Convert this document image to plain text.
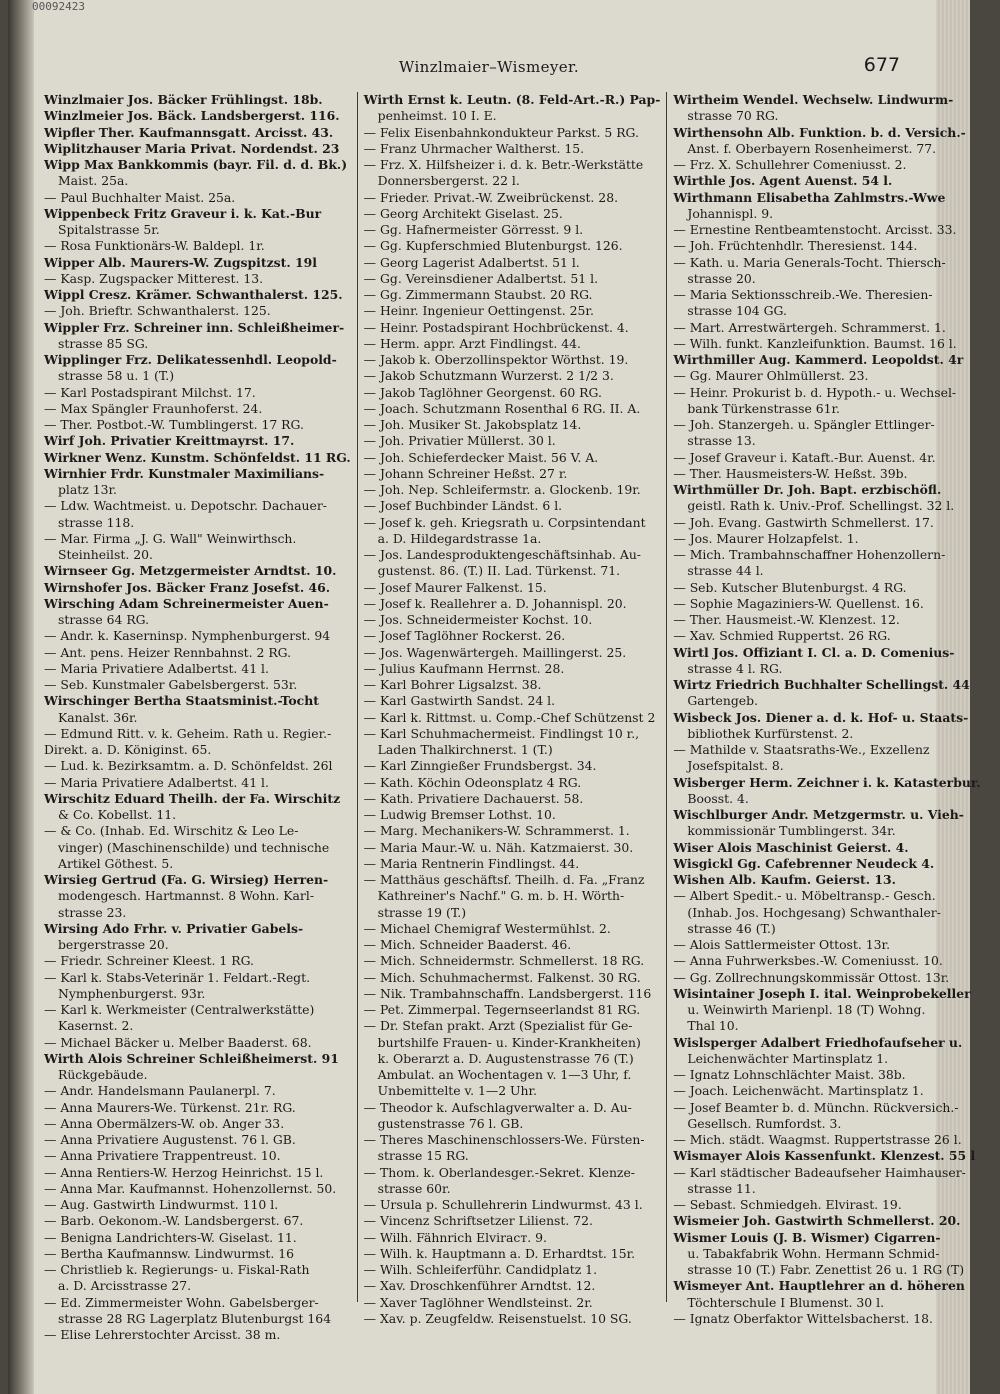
00092423
Winzlmaier–Wismeyer.	677
Winzlmaier Jos. Bäcker Frühlingst. 18b.
Winzlmeier Jos. Bäck. Landsbergerst. 116.
Wipfler Ther. Kaufmannsgatt. Arcisst. 43.
Wiplitzhauser Maria Privat. Nordendst. 23
Wipp Max Bankkommis (bayr. Fil. d. d. Bk.)
Maist. 25a.
— Paul Buchhalter Maist. 25a.
Wippenbeck Fritz Graveur i. k. Kat.-Bur
Spitalstrasse 5r.
— Rosa Funktionärs-W. Baldepl. 1r.
Wipper Alb. Maurers-W. Zugspitzst. 19l
— Kasp. Zugspacker Mitterest. 13.
Wippl Cresz. Krämer. Schwanthalerst. 125.
— Joh. Brieftr. Schwanthalerst. 125.
Wippler Frz. Schreiner inn. Schleißheimer-
strasse 85 SG.
Wipplinger Frz. Delikatessenhdl. Leopold-
strasse 58 u. 1 (T.)
— Karl Postadspirant Milchst. 17.
— Max Spängler Fraunhoferst. 24.
— Ther. Postbot.-W. Tumblingerst. 17 RG.
Wirf Joh. Privatier Kreittmayrst. 17.
Wirkner Wenz. Kunstm. Schönfeldst. 11 RG.
Wirnhier Frdr. Kunstmaler Maximilians-
platz 13r.
— Ldw. Wachtmeist. u. Depotschr. Dachauer-
strasse 118.
— Mar. Firma „J. G. Wall" Weinwirthsch.
Steinheilst. 20.
Wirnseer Gg. Metzgermeister Arndtst. 10.
Wirnshofer Jos. Bäcker Franz Josefst. 46.
Wirsching Adam Schreinermeister Auen-
strasse 64 RG.
— Andr. k. Kaserninsp. Nymphenburgerst. 94
— Ant. pens. Heizer Rennbahnst. 2 RG.
— Maria Privatiere Adalbertst. 41 l.
— Seb. Kunstmaler Gabelsbergerst. 53r.
Wirschinger Bertha Staatsminist.-Tocht
Kanalst. 36r.
— Edmund Ritt. v. k. Geheim. Rath u. Regier.-
Direkt. a. D. Königinst. 65.
— Lud. k. Bezirksamtm. a. D. Schönfeldst. 26l
— Maria Privatiere Adalbertst. 41 l.
Wirschitz Eduard Theilh. der Fa. Wirschitz
& Co. Kobellst. 11.
— & Co. (Inhab. Ed. Wirschitz & Leo Le-
vinger) (Maschinenschilde) und technische
Artikel Göthest. 5.
Wirsieg Gertrud (Fa. G. Wirsieg) Herren-
modengesch. Hartmannst. 8 Wohn. Karl-
strasse 23.
Wirsing Ado Frhr. v. Privatier Gabels-
bergerstrasse 20.
— Friedr. Schreiner Kleest. 1 RG.
— Karl k. Stabs-Veterinär 1. Feldart.-Regt.
Nymphenburgerst. 93r.
— Karl k. Werkmeister (Centralwerkstätte)
Kasernst. 2.
— Michael Bäcker u. Melber Baaderst. 68.
Wirth Alois Schreiner Schleißheimerst. 91
Rückgebäude.
— Andr. Handelsmann Paulanerpl. 7.
— Anna Maurers-We. Türkenst. 21r. RG.
— Anna Obermälzers-W. ob. Anger 33.
— Anna Privatiere Augustenst. 76 l. GB.
— Anna Privatiere Trappentreust. 10.
— Anna Rentiers-W. Herzog Heinrichst. 15 l.
— Anna Mar. Kaufmannst. Hohenzollernst. 50.
— Aug. Gastwirth Lindwurmst. 110 l.
— Barb. Oekonom.-W. Landsbergerst. 67.
— Benigna Landrichters-W. Giselast. 11.
— Bertha Kaufmannsw. Lindwurmst. 16
— Christlieb k. Regierungs- u. Fiskal-Rath
a. D. Arcisstrasse 27.
— Ed. Zimmermeister Wohn. Gabelsberger-
strasse 28 RG Lagerplatz Blutenburgst 164
— Elise Lehrerstochter Arcisst. 38 m.
Wirth Ernst k. Leutn. (8. Feld-Art.-R.) Pap-
penheimst. 10 I. E.
— Felix Eisenbahnkondukteur Parkst. 5 RG.
— Franz Uhrmacher Waltherst. 15.
— Frz. X. Hilfsheizer i. d. k. Betr.-Werkstätte
Donnersbergerst. 22 l.
— Frieder. Privat.-W. Zweibrückenst. 28.
— Georg Architekt Giselast. 25.
— Gg. Hafnermeister Görresst. 9 l.
— Gg. Kupferschmied Blutenburgst. 126.
— Georg Lagerist Adalbertst. 51 l.
— Gg. Vereinsdiener Adalbertst. 51 l.
— Gg. Zimmermann Staubst. 20 RG.
— Heinr. Ingenieur Oettingenst. 25r.
— Heinr. Postadspirant Hochbrückenst. 4.
— Herm. appr. Arzt Findlingst. 44.
— Jakob k. Oberzollinspektor Wörthst. 19.
— Jakob Schutzmann Wurzerst. 2 1/2 3.
— Jakob Taglöhner Georgenst. 60 RG.
— Joach. Schutzmann Rosenthal 6 RG. II. A.
— Joh. Musiker St. Jakobsplatz 14.
— Joh. Privatier Müllerst. 30 l.
— Joh. Schieferdecker Maist. 56 V. A.
— Johann Schreiner Heßst. 27 r.
— Joh. Nep. Schleifermstr. a. Glockenb. 19r.
— Josef Buchbinder Ländst. 6 l.
— Josef k. geh. Kriegsrath u. Corpsintendant
a. D. Hildegardstrasse 1a.
— Jos. Landesproduktengeschäftsinhab. Au-
gustenst. 86. (T.) II. Lad. Türkenst. 71.
— Josef Maurer Falkenst. 15.
— Josef k. Reallehrer a. D. Johannispl. 20.
— Jos. Schneidermeister Kochst. 10.
— Josef Taglöhner Rockerst. 26.
— Jos. Wagenwärtergeh. Maillingerst. 25.
— Julius Kaufmann Herrnst. 28.
— Karl Bohrer Ligsalzst. 38.
— Karl Gastwirth Sandst. 24 l.
— Karl k. Rittmst. u. Comp.-Chef Schützenst 2
— Karl Schuhmachermeist. Findlingst 10 r.,
Laden Thalkirchnerst. 1 (T.)
— Karl Zinngießer Frundsbergst. 34.
— Kath. Köchin Odeonsplatz 4 RG.
— Kath. Privatiere Dachauerst. 58.
— Ludwig Bremser Lothst. 10.
— Marg. Mechanikers-W. Schrammerst. 1.
— Maria Maur.-W. u. Näh. Katzmaierst. 30.
— Maria Rentnerin Findlingst. 44.
— Matthäus geschäftsf. Theilh. d. Fa. „Franz
Kathreiner's Nachf." G. m. b. H. Wörth-
strasse 19 (T.)
— Michael Chemigraf Westermühlst. 2.
— Mich. Schneider Baaderst. 46.
— Mich. Schneidermstr. Schmellerst. 18 RG.
— Mich. Schuhmachermst. Falkenst. 30 RG.
— Nik. Trambahnschaffn. Landsbergerst. 116
— Pet. Zimmerpal. Tegernseerlandst 81 RG.
— Dr. Stefan prakt. Arzt (Spezialist für Ge-
burtshilfe Frauen- u. Kinder-Krankheiten)
k. Oberarzt a. D. Augustenstrasse 76 (T.)
Ambulat. an Wochentagen v. 1—3 Uhr, f.
Unbemittelte v. 1—2 Uhr.
— Theodor k. Aufschlagverwalter a. D. Au-
gustenstrasse 76 l. GB.
— Theres Maschinenschlossers-We. Fürsten-
strasse 15 RG.
— Thom. k. Oberlandesger.-Sekret. Klenze-
strasse 60r.
— Ursula p. Schullehrerin Lindwurmst. 43 l.
— Vincenz Schriftsetzer Lilienst. 72.
— Wilh. Fähnrich Elviraст. 9.
— Wilh. k. Hauptmann a. D. Erhardtst. 15r.
— Wilh. Schleiferführ. Candidplatz 1.
— Xav. Droschkenführer Arndtst. 12.
— Xaver Taglöhner Wendlsteinst. 2r.
— Xav. p. Zeugfeldw. Reisenstuelst. 10 SG.
Wirtheim Wendel. Wechselw. Lindwurm-
strasse 70 RG.
Wirthensohn Alb. Funktion. b. d. Versich.-
Anst. f. Oberbayern Rosenheimerst. 77.
— Frz. X. Schullehrer Comeniusst. 2.
Wirthle Jos. Agent Auenst. 54 l.
Wirthmann Elisabetha Zahlmstrs.-Wwe
Johannispl. 9.
— Ernestine Rentbeamtenstocht. Arcisst. 33.
— Joh. Früchtenhdlr. Theresienst. 144.
— Kath. u. Maria Generals-Tocht. Thiersch-
strasse 20.
— Maria Sektionsschreib.-We. Theresien-
strasse 104 GG.
— Mart. Arrestwärtergeh. Schrammerst. 1.
— Wilh. funkt. Kanzleifunktion. Baumst. 16 l.
Wirthmiller Aug. Kammerd. Leopoldst. 4r
— Gg. Maurer Ohlmüllerst. 23.
— Heinr. Prokurist b. d. Hypoth.- u. Wechsel-
bank Türkenstrasse 61r.
— Joh. Stanzergeh. u. Spängler Ettlinger-
strasse 13.
— Josef Graveur i. Kataft.-Bur. Auenst. 4r.
— Ther. Hausmeisters-W. Heßst. 39b.
Wirthmüller Dr. Joh. Bapt. erzbischöfl.
geistl. Rath k. Univ.-Prof. Schellingst. 32 l.
— Joh. Evang. Gastwirth Schmellerst. 17.
— Jos. Maurer Holzapfelst. 1.
— Mich. Trambahnschaffner Hohenzollern-
strasse 44 l.
— Seb. Kutscher Blutenburgst. 4 RG.
— Sophie Magaziniers-W. Quellenst. 16.
— Ther. Hausmeist.-W. Klenzest. 12.
— Xav. Schmied Ruppertst. 26 RG.
Wirtl Jos. Offiziant I. Cl. a. D. Comenius-
strasse 4 l. RG.
Wirtz Friedrich Buchhalter Schellingst. 44
Gartengeb.
Wisbeck Jos. Diener a. d. k. Hof- u. Staats-
bibliothek Kurfürstenst. 2.
— Mathilde v. Staatsraths-We., Exzellenz
Josefspitalst. 8.
Wisberger Herm. Zeichner i. k. Katasterbur.
Boosst. 4.
Wischlburger Andr. Metzgermstr. u. Vieh-
kommissionär Tumblingerst. 34r.
Wiser Alois Maschinist Geierst. 4.
Wisgickl Gg. Cafebrenner Neudeck 4.
Wishen Alb. Kaufm. Geierst. 13.
— Albert Spedit.- u. Möbeltransp.- Gesch.
(Inhab. Jos. Hochgesang) Schwanthaler-
strasse 46 (T.)
— Alois Sattlermeister Ottost. 13r.
— Anna Fuhrwerksbes.-W. Comeniusst. 10.
— Gg. Zollrechnungskommissär Ottost. 13r.
Wisintainer Joseph I. ital. Weinprobekeller
u. Weinwirth Marienpl. 18 (T) Wohng.
Thal 10.
Wislsperger Adalbert Friedhofaufseher u.
Leichenwächter Martinsplatz 1.
— Ignatz Lohnschlächter Maist. 38b.
— Joach. Leichenwächt. Martinsplatz 1.
— Josef Beamter b. d. Münchn. Rückversich.-
Gesellsch. Rumfordst. 3.
— Mich. städt. Waagmst. Ruppertstrasse 26 l.
Wismayer Alois Kassenfunkt. Klenzest. 55 l
— Karl städtischer Badeaufseher Haimhauser-
strasse 11.
— Sebast. Schmiedgeh. Elvirast. 19.
Wismeier Joh. Gastwirth Schmellerst. 20.
Wismer Louis (J. B. Wismer) Cigarren-
u. Tabakfabrik Wohn. Hermann Schmid-
strasse 10 (T.) Fabr. Zenettist 26 u. 1 RG (T)
Wismeyer Ant. Hauptlehrer an d. höheren
Töchterschule I Blumenst. 30 l.
— Ignatz Oberfaktor Wittelsbacherst. 18.
